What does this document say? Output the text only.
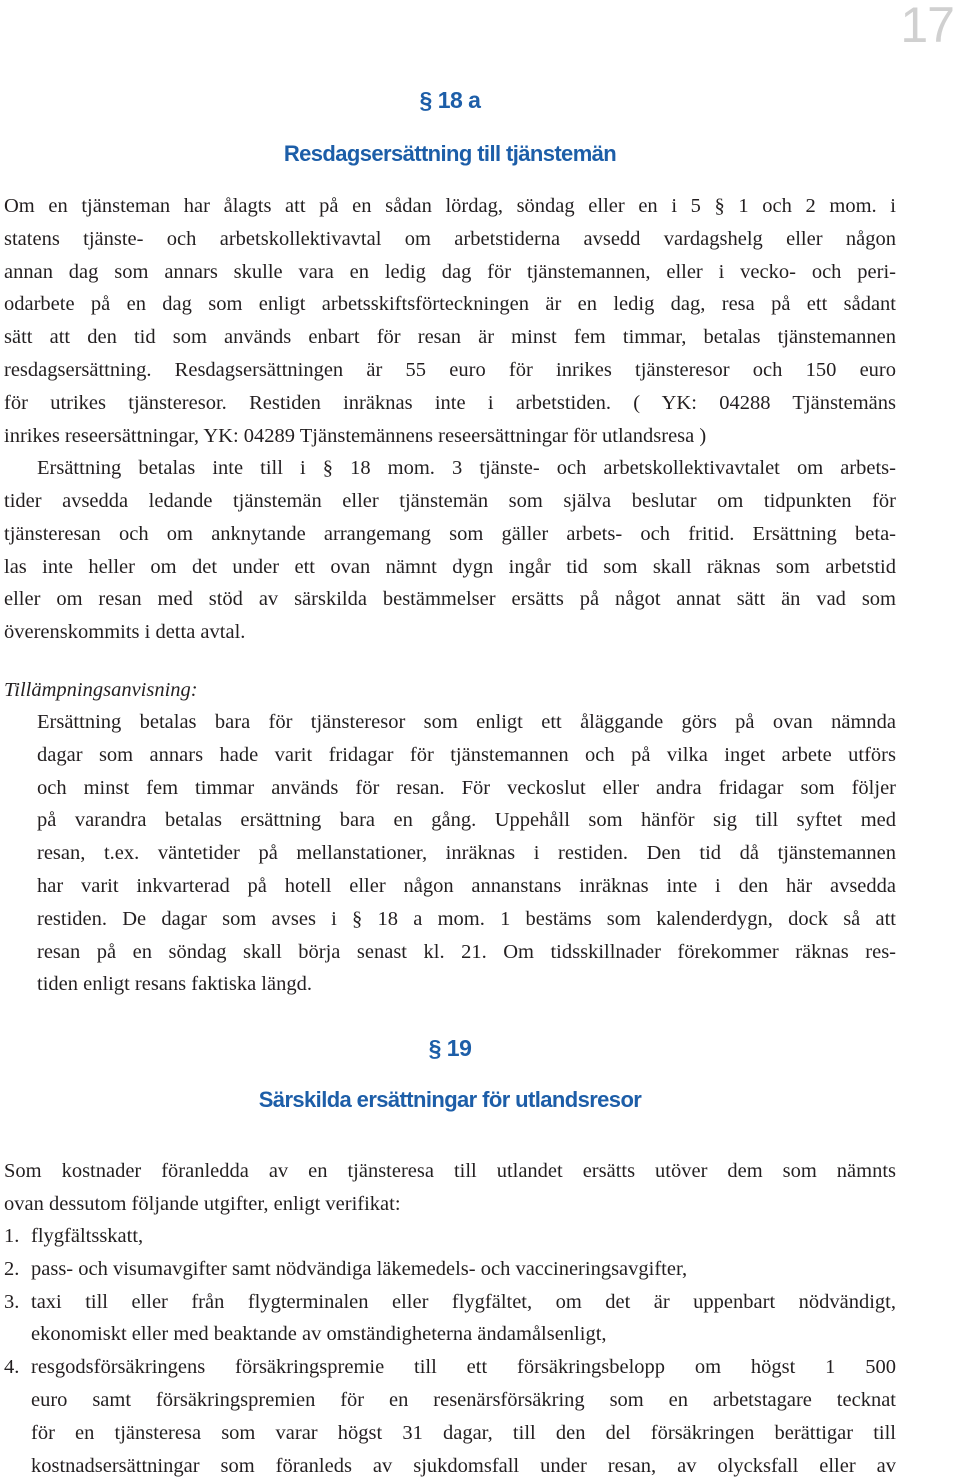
17
§ 18 a
Resdagsersättning till tjänstemän
Om en tjänsteman har ålagts att på en sådan lördag, söndag eller en i 5 § 1 och 2 mom. i
statens tjänste- och arbetskollektivavtal om arbetstiderna avsedd vardagshelg eller någon
annan dag som annars skulle vara en ledig dag för tjänstemannen, eller i vecko- och peri-
odarbete på en dag som enligt arbetsskiftsförteckningen är en ledig dag, resa på ett sådant
sätt att den tid som används enbart för resan är minst fem timmar, betalas tjänstemannen
resdagsersättning. Resdagsersättningen är 55 euro för inrikes tjänsteresor och 150 euro
för utrikes tjänsteresor. Restiden inräknas inte i arbetstiden. ( YK: 04288 Tjänstemäns
inrikes reseersättningar, YK: 04289 Tjänstemännens reseersättningar för utlandsresa )
Ersättning betalas inte till i § 18 mom. 3 tjänste- och arbetskollektivavtalet om arbets-
tider avsedda ledande tjänstemän eller tjänstemän som själva beslutar om tidpunkten för
tjänsteresan och om anknytande arrangemang som gäller arbets- och fritid. Ersättning beta-
las inte heller om det under ett ovan nämnt dygn ingår tid som skall räknas som arbetstid
eller om resan med stöd av särskilda bestämmelser ersätts på något annat sätt än vad som
överenskommits i detta avtal.
Tillämpningsanvisning:
Ersättning betalas bara för tjänsteresor som enligt ett åläggande görs på ovan nämnda
dagar som annars hade varit fridagar för tjänstemannen och på vilka inget arbete utförs
och minst fem timmar används för resan. För veckoslut eller andra fridagar som följer
på varandra betalas ersättning bara en gång. Uppehåll som hänför sig till syftet med
resan, t.ex. väntetider på mellanstationer, inräknas i restiden. Den tid då tjänstemannen
har varit inkvarterad på hotell eller någon annanstans inräknas inte i den här avsedda
restiden. De dagar som avses i § 18 a mom. 1 bestäms som kalenderdygn, dock så att
resan på en söndag skall börja senast kl. 21. Om tidsskillnader förekommer räknas res-
tiden enligt resans faktiska längd.
§ 19
Särskilda ersättningar för utlandsresor
Som kostnader föranledda av en tjänsteresa till utlandet ersätts utöver dem som nämnts
ovan dessutom följande utgifter, enligt verifikat:
1. flygfältsskatt,
2. pass- och visumavgifter samt nödvändiga läkemedels- och vaccineringsavgifter,
3. taxi till eller från flygterminalen eller flygfältet, om det är uppenbart nödvändigt,
ekonomiskt eller med beaktande av omständigheterna ändamålsenligt,
4. resgodsförsäkringens försäkringspremie till ett försäkringsbelopp om högst 1 500
euro samt försäkringspremien för en resenärsförsäkring som en arbetstagare tecknat
för en tjänsteresa som varar högst 31 dagar, till den del försäkringen berättigar till
kostnadsersättningar som föranleds av sjukdomsfall under resan, av olycksfall eller av
